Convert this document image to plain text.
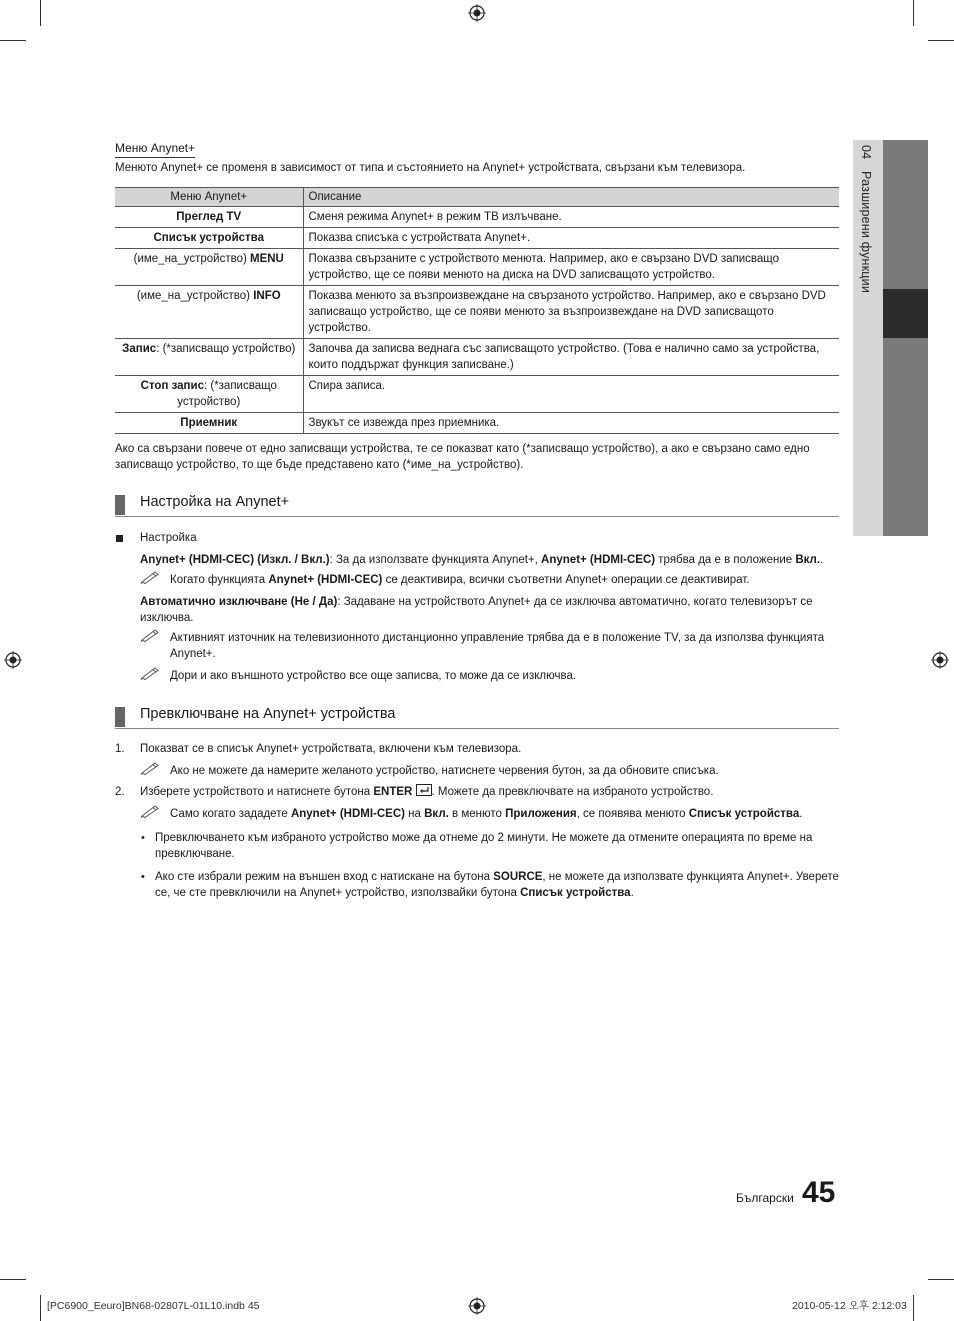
04 Разширени функции
Меню Anynet+
Менюто Anynet+ се променя в зависимост от типа и състоянието на Anynet+ устройствата, свързани към телевизора.
Меню Anynet+	Описание
Преглед TV	Сменя режима Anynet+ в режим ТВ излъчване.
Списък устройства	Показва списъка с устройствата Anynet+.
(име_на_устройство) MENU	Показва свързаните с устройството менюта. Например, ако е свързано DVD записващо устройство, ще се появи менюто на диска на DVD записващото устройство.
(име_на_устройство) INFO	Показва менюто за възпроизвеждане на свързаното устройство. Например, ако е свързано DVD записващо устройство, ще се появи менюто за възпроизвеждане на DVD записващото устройство.
Запис: (*записващо устройство)	Започва да записва веднага със записващото устройство. (Това е налично само за устройства, които поддържат функция записване.)
Стоп запис: (*записващо устройство)	Спира записа.
Приемник	Звукът се извежда през приемника.
Ако са свързани повече от едно записващи устройства, те се показват като (*записващо устройство), а ако е свързано само едно записващо устройство, то ще бъде представено като (*име_на_устройство).
Настройка на Anynet+
Настройка
Anynet+ (HDMI-CEC) (Изкл. / Вкл.): За да използвате функцията Anynet+, Anynet+ (HDMI-CEC) трябва да е в положение Вкл..
Когато функцията Anynet+ (HDMI-CEC) се деактивира, всички съответни Anynet+ операции се деактивират.
Автоматично изключване (Не / Да): Задаване на устройството Anynet+ да се изключва автоматично, когато телевизорът се изключва.
Активният източник на телевизионното дистанционно управление трябва да е в положение TV, за да използва функцията Anynet+.
Дори и ако външното устройство все още записва, то може да се изключва.
Превключване на Anynet+ устройства
1. Показват се в списък Anynet+ устройствата, включени към телевизора.
Ако не можете да намерите желаното устройство, натиснете червения бутон, за да обновите списъка.
2. Изберете устройството и натиснете бутона ENTER . Можете да превключвате на избраното устройство.
Само когато зададете Anynet+ (HDMI-CEC) на Вкл. в менюто Приложения, се появява менюто Списък устройства.
• Превключването към избраното устройство може да отнеме до 2 минути. Не можете да отмените операцията по време на превключване.
• Ако сте избрали режим на външен вход с натискане на бутона SOURCE, не можете да използвате функцията Anynet+. Уверете се, че сте превключили на Anynet+ устройство, използвайки бутона Списък устройства.
Български 45
[PC6900_Eeuro]BN68-02807L-01L10.indb 45	2010-05-12 오후 2:12:03
